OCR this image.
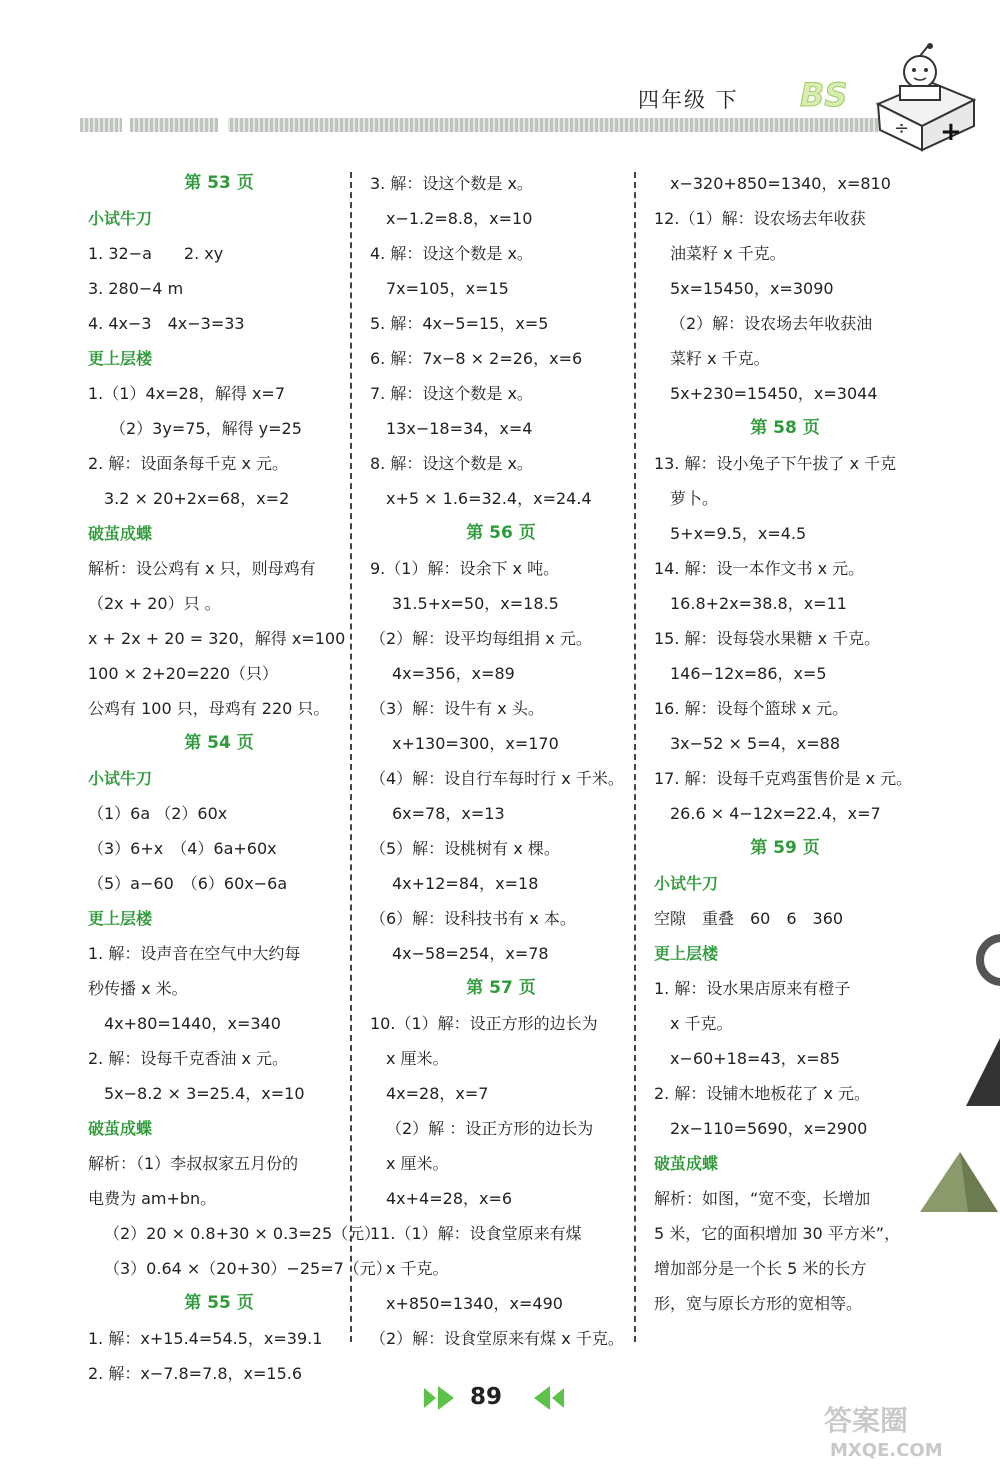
四年级 下 BS
÷ +
第 53 页
小试牛刀
1. 32−a　　2. xy
3. 280−4 m
4. 4x−3　4x−3=33
更上层楼
1.（1）4x=28，解得 x=7
（2）3y=75，解得 y=25
2. 解：设面条每千克 x 元。
3.2 × 20+2x=68，x=2
破茧成蝶
解析：设公鸡有 x 只，则母鸡有
（2x + 20）只 。
x + 2x + 20 = 320，解得 x=100
100 × 2+20=220（只）
公鸡有 100 只，母鸡有 220 只。
第 54 页
小试牛刀
（1）6a （2）60x
（3）6+x　（4）6a+60x
（5）a−60　（6）60x−6a
更上层楼
1. 解：设声音在空气中大约每
秒传播 x 米。
4x+80=1440，x=340
2. 解：设每千克香油 x 元。
5x−8.2 × 3=25.4，x=10
破茧成蝶
解析：（1）李叔叔家五月份的
电费为 am+bn。
（2）20 × 0.8+30 × 0.3=25（元）
（3）0.64 ×（20+30）−25=7（元）
第 55 页
1. 解：x+15.4=54.5，x=39.1
2. 解：x−7.8=7.8，x=15.6
3. 解：设这个数是 x。
x−1.2=8.8，x=10
4. 解：设这个数是 x。
7x=105，x=15
5. 解：4x−5=15，x=5
6. 解：7x−8 × 2=26，x=6
7. 解：设这个数是 x。
13x−18=34，x=4
8. 解：设这个数是 x。
x+5 × 1.6=32.4，x=24.4
第 56 页
9.（1）解：设余下 x 吨。
31.5+x=50，x=18.5
（2）解：设平均每组捐 x 元。
4x=356，x=89
（3）解：设牛有 x 头。
x+130=300，x=170
（4）解：设自行车每时行 x 千米。
6x=78，x=13
（5）解：设桃树有 x 棵。
4x+12=84，x=18
（6）解：设科技书有 x 本。
4x−58=254，x=78
第 57 页
10.（1）解：设正方形的边长为
x 厘米。
4x=28，x=7
（2）解 ：设正方形的边长为
x 厘米。
4x+4=28，x=6
11.（1）解：设食堂原来有煤
x 千克。
x+850=1340，x=490
（2）解：设食堂原来有煤 x 千克。
x−320+850=1340，x=810
12.（1）解：设农场去年收获
油菜籽 x 千克。
5x=15450，x=3090
（2）解：设农场去年收获油
菜籽 x 千克。
5x+230=15450，x=3044
第 58 页
13. 解：设小兔子下午拔了 x 千克
萝卜。
5+x=9.5，x=4.5
14. 解：设一本作文书 x 元。
16.8+2x=38.8，x=11
15. 解：设每袋水果糖 x 千克。
146−12x=86，x=5
16. 解：设每个篮球 x 元。
3x−52 × 5=4，x=88
17. 解：设每千克鸡蛋售价是 x 元。
26.6 × 4−12x=22.4，x=7
第 59 页
小试牛刀
空隙　重叠　60　6　360
更上层楼
1. 解：设水果店原来有橙子
x 千克。
x−60+18=43，x=85
2. 解：设铺木地板花了 x 元。
2x−110=5690，x=2900
破茧成蝶
解析：如图，“宽不变，长增加
5 米，它的面积增加 30 平方米”，
增加部分是一个长 5 米的长方
形，宽与原长方形的宽相等。
89
答案圈
MXQE.COM
